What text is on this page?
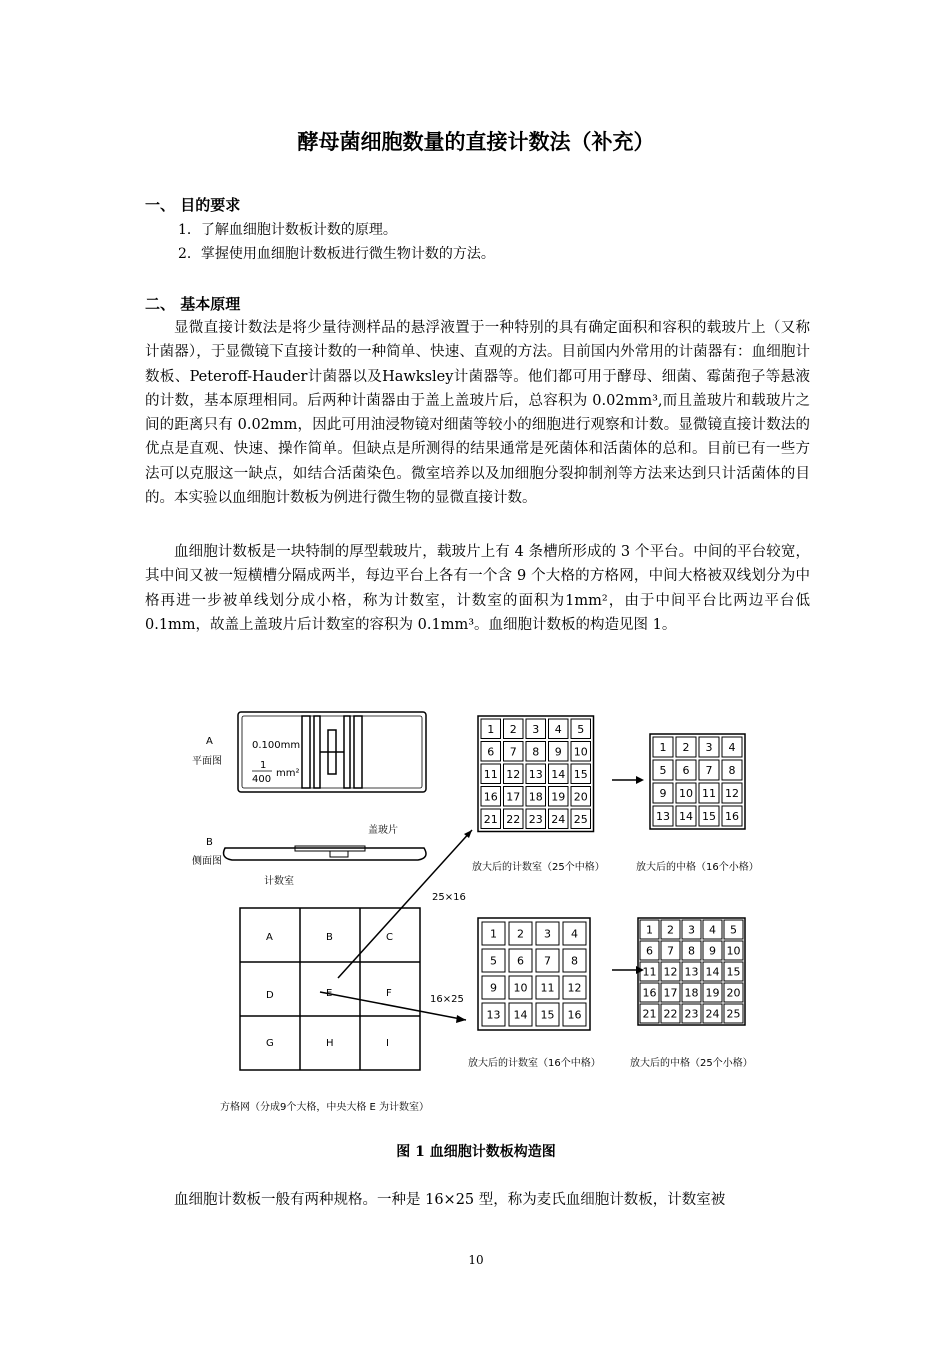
酵母菌细胞数量的直接计数法（补充）
一、 目的要求
1．了解血细胞计数板计数的原理。
2．掌握使用血细胞计数板进行微生物计数的方法。
二、 基本原理
显微直接计数法是将少量待测样品的悬浮液置于一种特别的具有确定面积和容积的载玻片上（又称计菌器），于显微镜下直接计数的一种简单、快速、直观的方法。目前国内外常用的计菌器有：血细胞计数板、Peteroff-Hauder计菌器以及Hawksley计菌器等。他们都可用于酵母、细菌、霉菌孢子等悬液的计数，基本原理相同。后两种计菌器由于盖上盖玻片后，总容积为 0.02mm³,而且盖玻片和载玻片之间的距离只有 0.02mm，因此可用油浸物镜对细菌等较小的细胞进行观察和计数。显微镜直接计数法的优点是直观、快速、操作简单。但缺点是所测得的结果通常是死菌体和活菌体的总和。目前已有一些方法可以克服这一缺点，如结合活菌染色。微室培养以及加细胞分裂抑制剂等方法来达到只计活菌体的目的。本实验以血细胞计数板为例进行微生物的显微直接计数。
血细胞计数板是一块特制的厚型载玻片，载玻片上有 4 条槽所形成的 3 个平台。中间的平台较宽，其中间又被一短横槽分隔成两半，每边平台上各有一个含 9 个大格的方格网，中间大格被双线划分为中格再进一步被单线划分成小格，称为计数室，计数室的面积为1mm²，由于中间平台比两边平台低 0.1mm，故盖上盖玻片后计数室的容积为 0.1mm³。血细胞计数板的构造见图 1。
1 2 3 4 5
6 7 8 9 10
11 12 13 14 15
16 17 18 19 20
21 22 23 24 25
1 2 3 4
5 6 7 8
9 10 11 12
13 14 15 16
1 2 3 4
5 6 7 8
9 10 11 12
13 14 15 16
1 2 3 4 5
6 7 8 9 10
11 12 13 14 15
16 17 18 19 20
21 22 23 24 25
A
平面图
0.100mm
1
400
mm²
B
侧面图
盖玻片
计数室
A	B	C
D	E	F
G	H	I
25×16
16×25
放大后的计数室（25个中格）	放大后的中格（16个小格）
放大后的计数室（16个中格）	放大后的中格（25个小格）
方格网（分成9个大格，中央大格 E 为计数室）
图 1 血细胞计数板构造图
血细胞计数板一般有两种规格。一种是 16×25 型，称为麦氏血细胞计数板，计数室被
10
